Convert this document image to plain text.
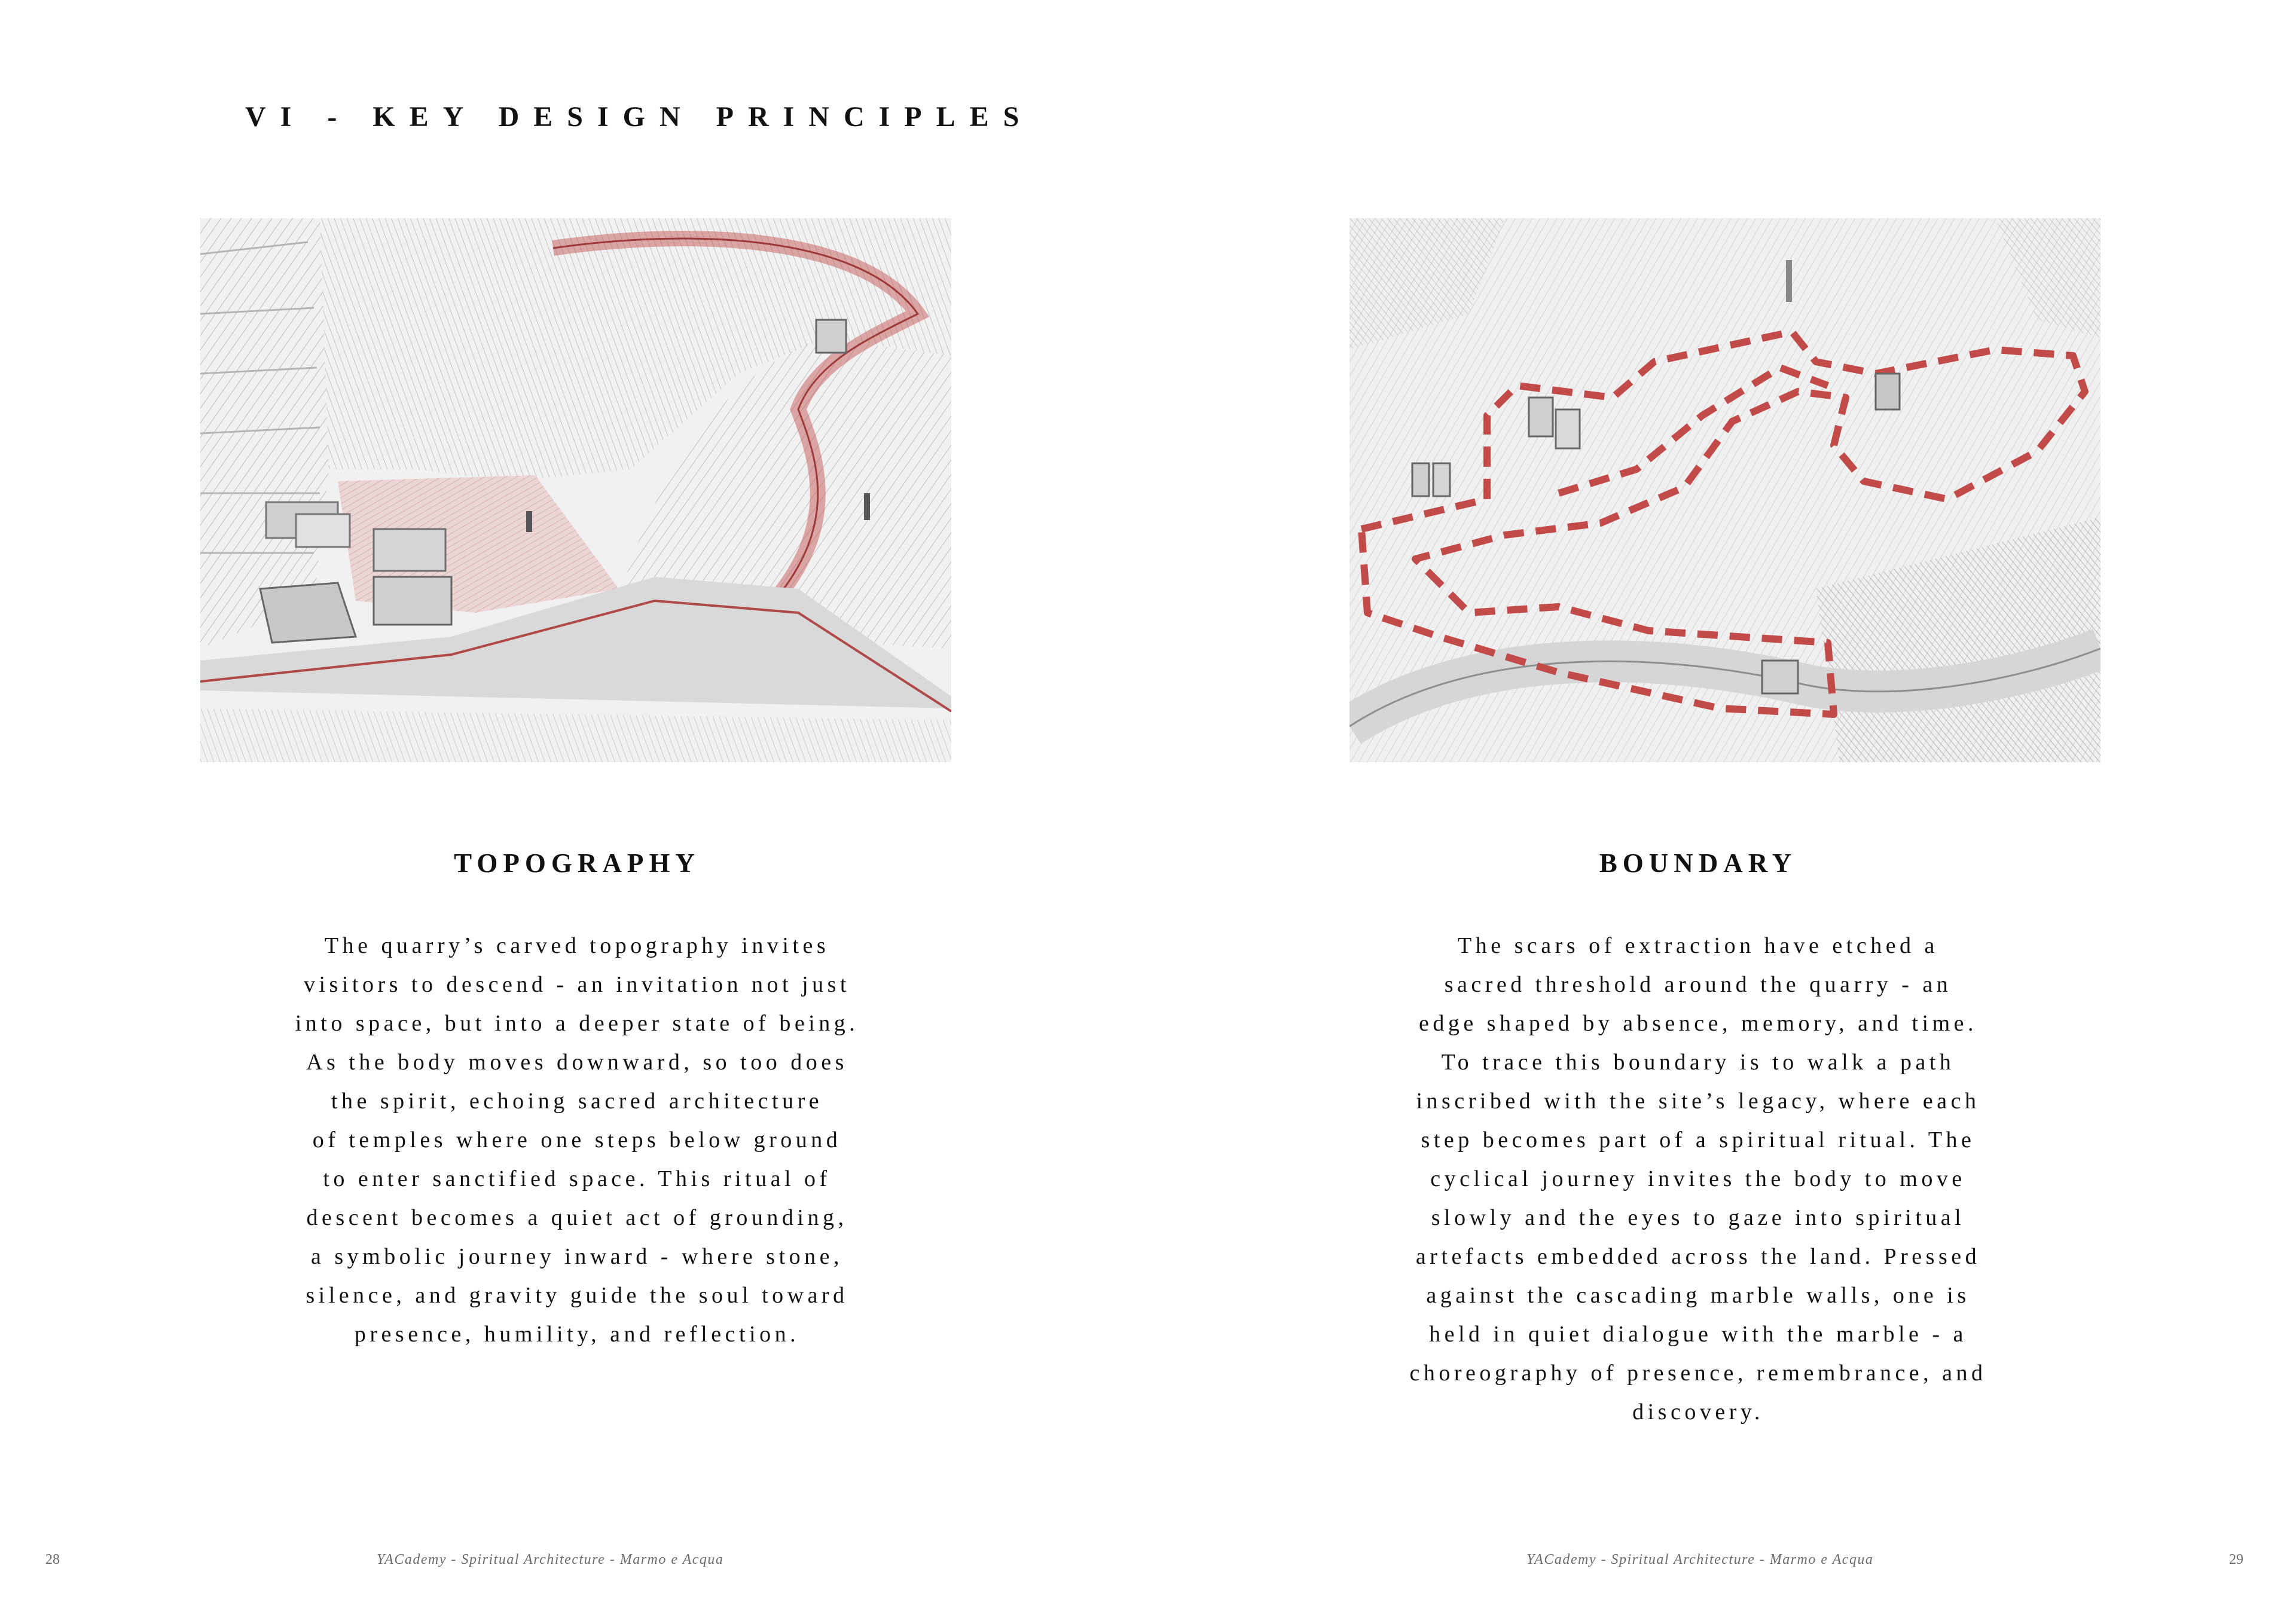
VI - KEY DESIGN PRINCIPLES
TOPOGRAPHY

The quarry’s carved topography invites
visitors to descend - an invitation not just
into space, but into a deeper state of being.
As the body moves downward, so too does
the spirit, echoing sacred architecture
of temples where one steps below ground
to enter sanctified space. This ritual of
descent becomes a quiet act of grounding,
a symbolic journey inward - where stone,
silence, and gravity guide the soul toward
presence, humility, and reflection.

28	YACademy - Spiritual Architecture - Marmo e Acqua
BOUNDARY

The scars of extraction have etched a
sacred threshold around the quarry - an
edge shaped by absence, memory, and time.
To trace this boundary is to walk a path
inscribed with the site’s legacy, where each
step becomes part of a spiritual ritual. The
cyclical journey invites the body to move
slowly and the eyes to gaze into spiritual
artefacts embedded across the land. Pressed
against the cascading marble walls, one is
held in quiet dialogue with the marble - a
choreography of presence, remembrance, and
discovery.

YACademy - Spiritual Architecture - Marmo e Acqua	29
